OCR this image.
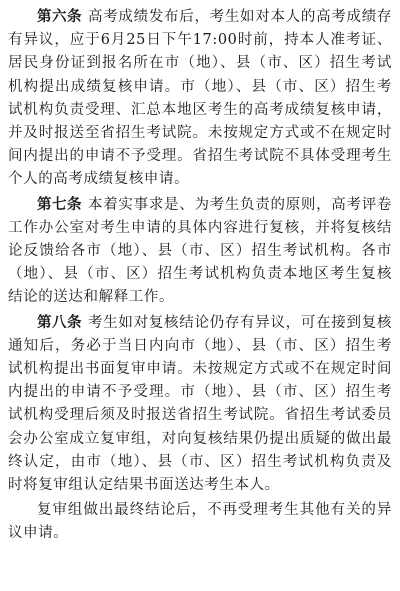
第六条 高考成绩发布后，考生如对本人的高考成绩存有异议，应于6月25日下午17:00时前，持本人准考证、居民身份证到报名所在市（地）、县（市、区）招生考试机构提出成绩复核申请。市（地）、县（市、区）招生考试机构负责受理、汇总本地区考生的高考成绩复核申请，并及时报送至省招生考试院。未按规定方式或不在规定时间内提出的申请不予受理。省招生考试院不具体受理考生个人的高考成绩复核申请。

第七条 本着实事求是、为考生负责的原则，高考评卷工作办公室对考生申请的具体内容进行复核，并将复核结论反馈给各市（地）、县（市、区）招生考试机构。各市（地）、县（市、区）招生考试机构负责本地区考生复核结论的送达和解释工作。

第八条 考生如对复核结论仍存有异议，可在接到复核通知后，务必于当日内向市（地）、县（市、区）招生考试机构提出书面复审申请。未按规定方式或不在规定时间内提出的申请不予受理。市（地）、县（市、区）招生考试机构受理后须及时报送省招生考试院。省招生考试委员会办公室成立复审组，对向复核结果仍提出质疑的做出最终认定，由市（地）、县（市、区）招生考试机构负责及时将复审组认定结果书面送达考生本人。

复审组做出最终结论后，不再受理考生其他有关的异议申请。
